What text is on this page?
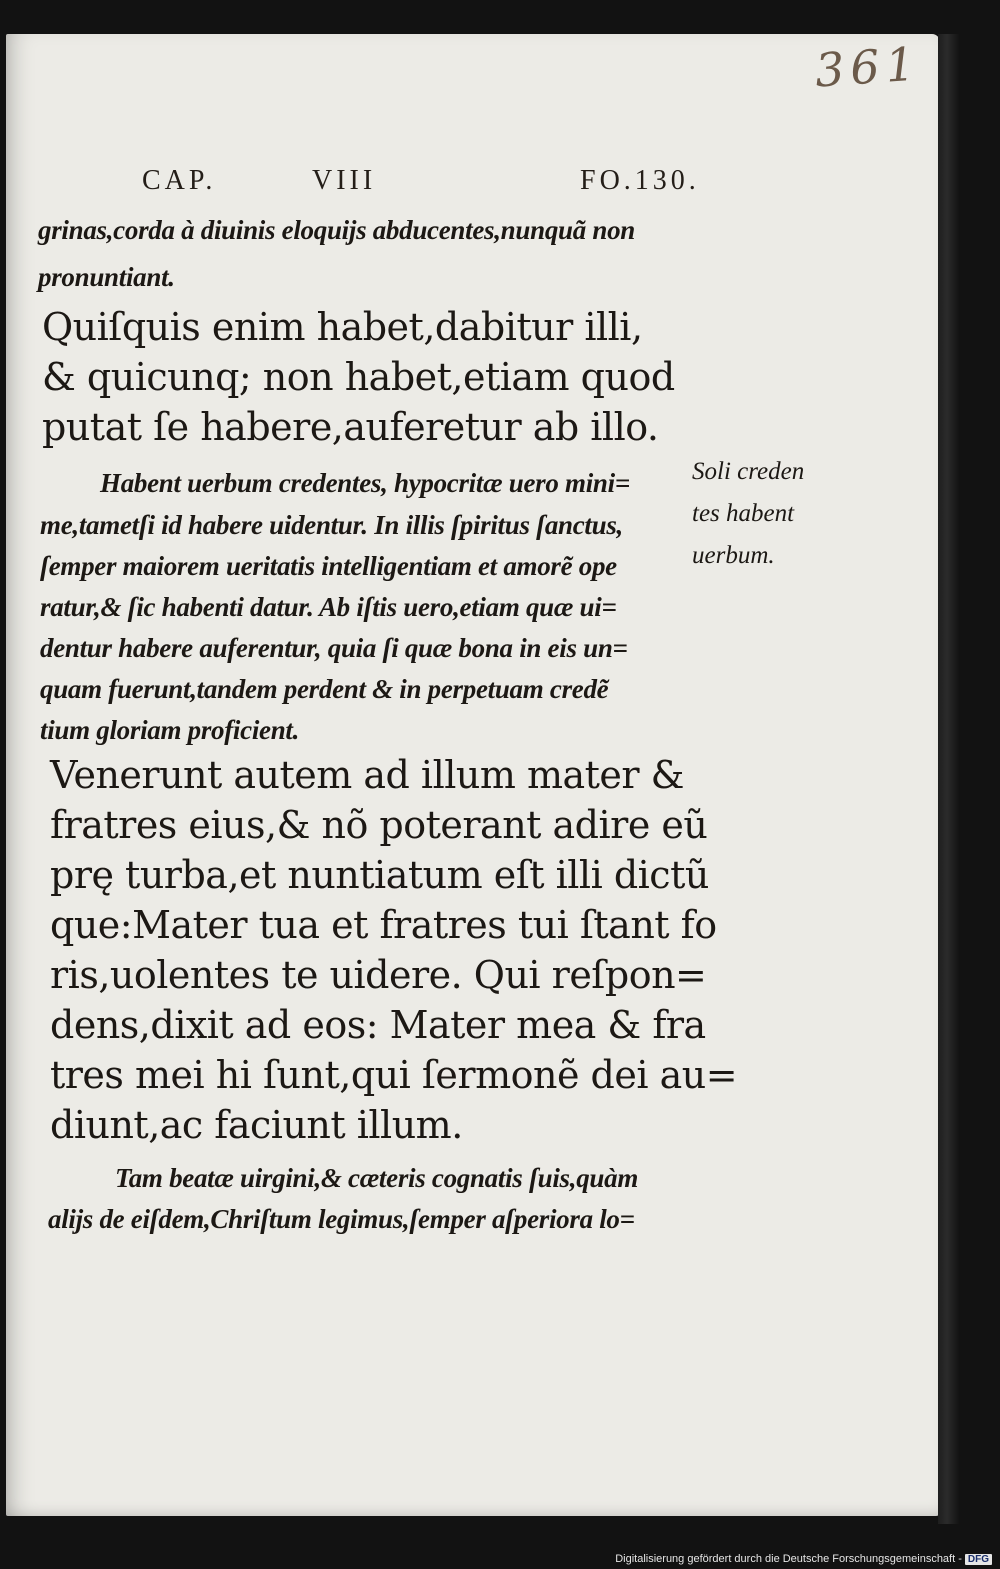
361
CAP.	VIII	FO.130.
grinas,corda à diuinis eloquijs abducentes,nunquã non
pronuntiant.
Quiſquis enim habet,dabitur illi,
& quicunq; non habet,etiam quod
putat ſe habere,auferetur ab illo.
Habent uerbum credentes, hypocritæ uero mini=
me,tametſi id habere uidentur. In illis ſpiritus ſanctus,
ſemper maiorem ueritatis intelligentiam et amorẽ ope
ratur,& ſic habenti datur. Ab iſtis uero,etiam quæ ui=
dentur habere auferentur, quia ſi quæ bona in eis un=
quam fuerunt,tandem perdent & in perpetuam credẽ
tium gloriam proficient.
Soli creden
tes habent
uerbum.
Venerunt autem ad illum mater &
fratres eius,& nõ poterant adire eũ
prę turba,et nuntiatum eſt illi dictũ
que:Mater tua et fratres tui ſtant fo
ris,uolentes te uidere. Qui reſpon=
dens,dixit ad eos: Mater mea & fra
tres mei hi ſunt,qui ſermonẽ dei au=
diunt,ac faciunt illum.
Tam beatæ uirgini,& cæteris cognatis ſuis,quàm
alijs de eiſdem,Chriſtum legimus,ſemper aſperiora lo=
Digitalisierung gefördert durch die Deutsche Forschungsgemeinschaft - DFG
